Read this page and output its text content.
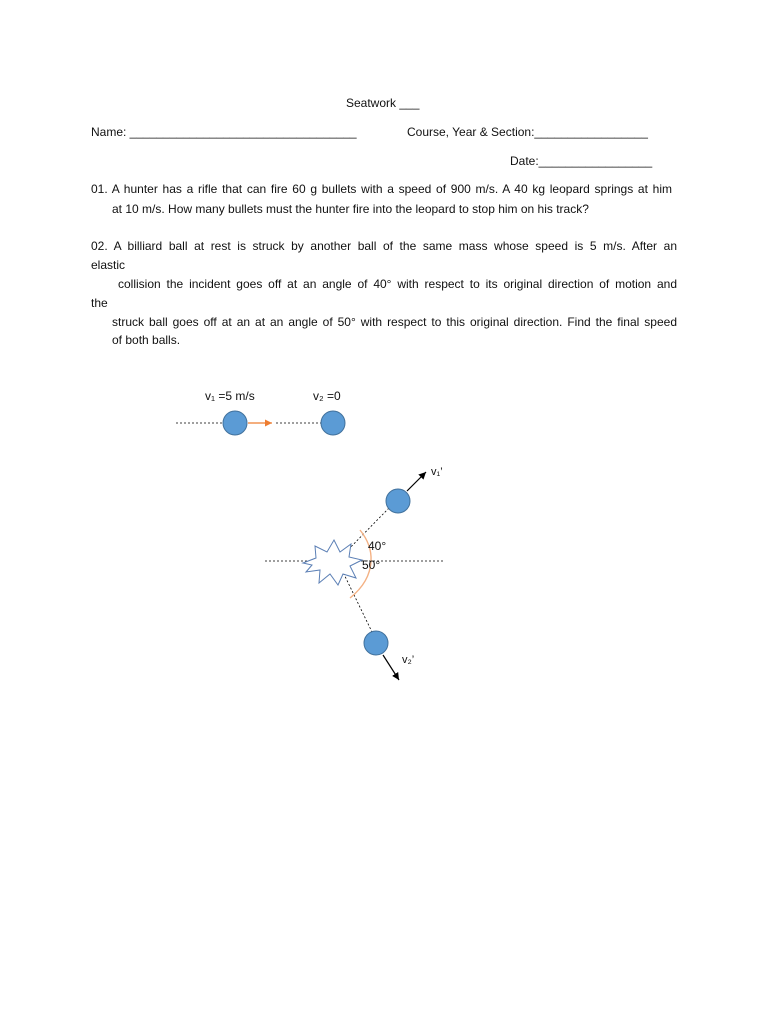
Seatwork ___
Name: __________________________________	Course, Year & Section:_________________
Date:_________________
01. A hunter has a rifle that can fire 60 g bullets with a speed of 900 m/s. A 40 kg leopard springs at him
at 10 m/s. How many bullets must the hunter fire into the leopard to stop him on his track?
02. A billiard ball at rest is struck by another ball of the same mass whose speed is 5 m/s. After an
elastic
collision the incident goes off at an angle of 40° with respect to its original direction of motion and
the
struck ball goes off at an at an angle of 50° with respect to this original direction. Find the final speed
of both balls.
v₁ =5 m/s	v₂ =0
40°
50°
v₁’
v₂’
